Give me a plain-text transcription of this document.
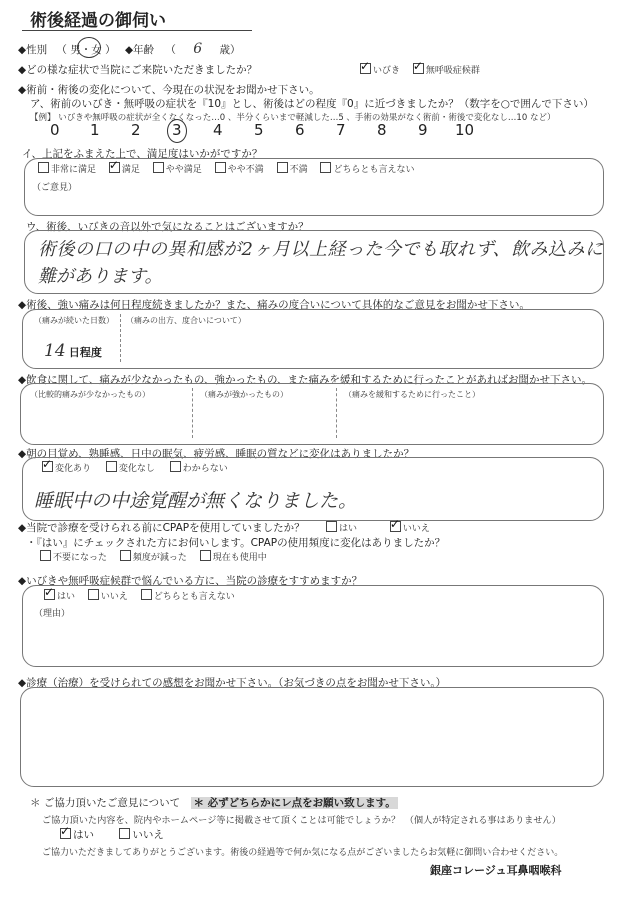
術後経過の御伺い
◆性別 （ 男・女 ） ◆年齢 （ 6 歳）
◆どの様な症状で当院にご来院いただきましたか？ ✓	いびき ✓	無呼吸症候群
◆術前・術後の変化について、今現在の状況をお聞かせ下さい。
ア、術前のいびき・無呼吸の症状を『10』とし、術後はどの程度『0』に近づきましたか？（数字を○で囲んで下さい）
【例】 いびきや無呼吸の症状が全くなくなった…0 、半分くらいまで軽減した…5 、手術の効果がなく術前・術後で変化なし…10 など）
0 1 2 3 4 5 6 7 8 9 10
イ、上記をふまえた上で、満足度はいかがですか？
非常に満足 ✓	満足	やや満足	やや不満	不満	どちらとも言えない
（ご意見）
ウ、術後、いびきの音以外で気になることはございますか？
術後の口の中の異和感が2ヶ月以上経った今でも取れず、飲み込みに
難があります。
◆術後、強い痛みは何日程度続きましたか？また、痛みの度合いについて具体的なご意見をお聞かせ下さい。
（痛みが続いた日数） （痛みの出方、度合いについて）
14 日程度
◆飲食に関して、痛みが少なかったもの、強かったもの、また痛みを緩和するために行ったことがあればお聞かせ下さい。
（比較的痛みが少なかったもの）	（痛みが強かったもの）	（痛みを緩和するために行ったこと）
◆朝の目覚め、熟睡感、日中の眠気、疲労感、睡眠の質などに変化はありましたか？
✓変化あり	変化なし	わからない
睡眠中の中途覚醒が無くなりました。
◆当院で診療を受けられる前にCPAPを使用していましたか？	はい ✓	いいえ
・『はい』にチェックされた方にお伺いします。CPAPの使用頻度に変化はありましたか？
不要になった	頻度が減った	現在も使用中
◆いびきや無呼吸症候群で悩んでいる方に、当院の診療をすすめますか？
✓はい	いいえ	どちらとも言えない
（理由）
◆診療（治療）を受けられての感想をお聞かせ下さい。（お気づきの点をお聞かせ下さい。）
＊ ご協力頂いたご意見について ＊ 必ずどちらかにレ点をお願い致します。
ご協力頂いた内容を、院内やホームページ等に掲載させて頂くことは可能でしょうか？　（個人が特定される事はありません）
✓はい	いいえ
ご協力いただきましてありがとうございます。術後の経過等で何か気になる点がございましたらお気軽に御問い合わせください。
銀座コレージュ耳鼻咽喉科
